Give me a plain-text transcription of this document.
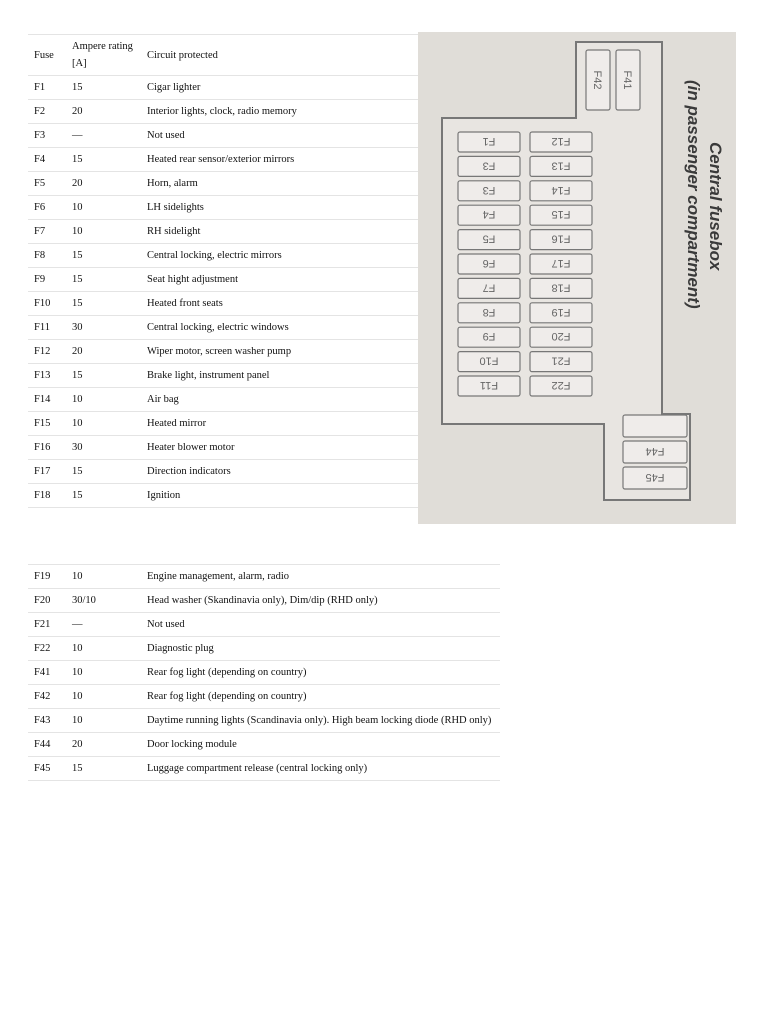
Fuse	Ampere rating [A]	Circuit protected
F1	15	Cigar lighter
F2	20	Interior lights, clock, radio memory
F3	—	Not used
F4	15	Heated rear sensor/exterior mirrors
F5	20	Horn, alarm
F6	10	LH sidelights
F7	10	RH sidelight
F8	15	Central locking, electric mirrors
F9	15	Seat hight adjustment
F10	15	Heated front seats
F11	30	Central locking, electric windows
F12	20	Wiper motor, screen washer pump
F13	15	Brake light, instrument panel
F14	10	Air bag
F15	10	Heated mirror
F16	30	Heater blower motor
F17	15	Direction indicators
F18	15	Ignition
F42 F41
F1
F3
F3
F4
F5
F6
F7
F8
F9
F10
F11
F12
F13
F14
F15
F16
F17
F18
F19
F20
F21
F22
F44
F45
Central fusebox
(in passenger compartment)
F19	10	Engine management, alarm, radio
F20	30/10	Head washer (Skandinavia only), Dim/dip (RHD only)
F21	—	Not used
F22	10	Diagnostic plug
F41	10	Rear fog light (depending on country)
F42	10	Rear fog light (depending on country)
F43	10	Daytime running lights (Scandinavia only). High beam locking diode (RHD only)
F44	20	Door locking module
F45	15	Luggage compartment release (central locking only)
